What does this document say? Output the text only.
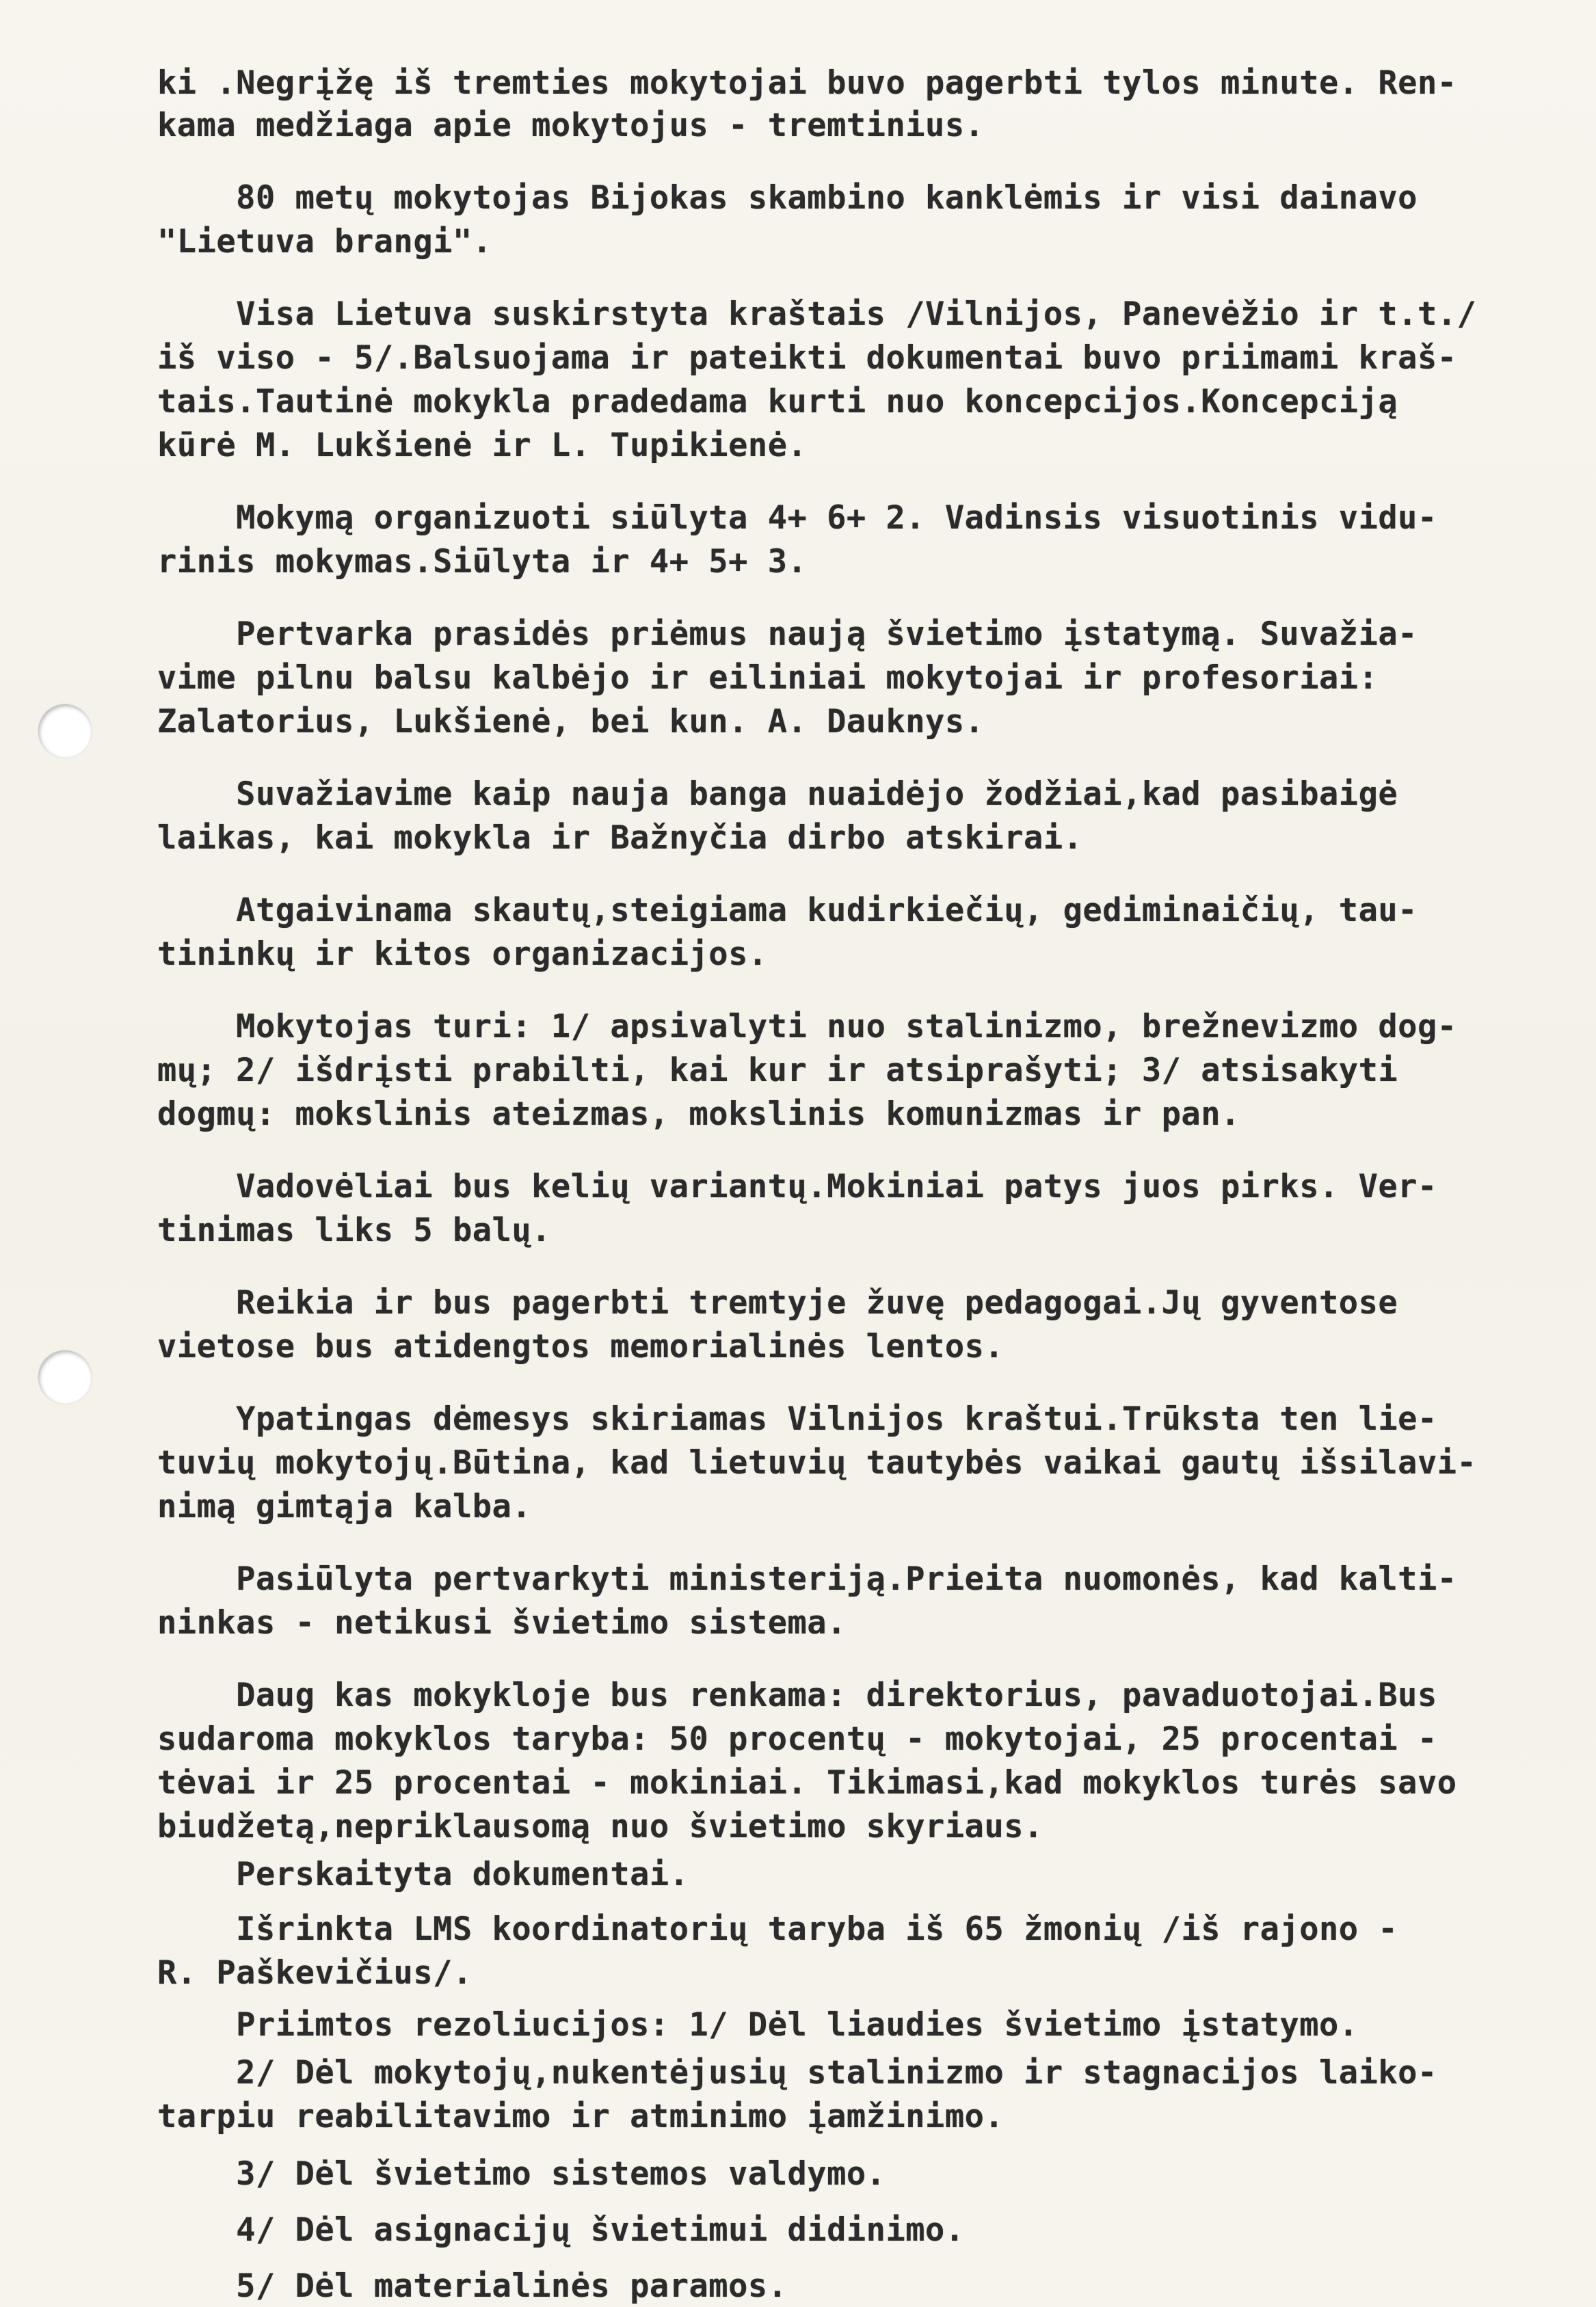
ki .Negrįžę iš tremties mokytojai buvo pagerbti tylos minute. Ren-
kama medžiaga apie mokytojus - tremtinius.
80 metų mokytojas Bijokas skambino kanklėmis ir visi dainavo
"Lietuva brangi".
Visa Lietuva suskirstyta kraštais /Vilnijos, Panevėžio ir t.t./
iš viso - 5/.Balsuojama ir pateikti dokumentai buvo priimami kraš-
tais.Tautinė mokykla pradedama kurti nuo koncepcijos.Koncepciją
kūrė M. Lukšienė ir L. Tupikienė.
Mokymą organizuoti siūlyta 4+ 6+ 2. Vadinsis visuotinis vidu-
rinis mokymas.Siūlyta ir 4+ 5+ 3.
Pertvarka prasidės priėmus naują švietimo įstatymą. Suvažia-
vime pilnu balsu kalbėjo ir eiliniai mokytojai ir profesoriai:
Zalatorius, Lukšienė, bei kun. A. Dauknys.
Suvažiavime kaip nauja banga nuaidėjo žodžiai,kad pasibaigė
laikas, kai mokykla ir Bažnyčia dirbo atskirai.
Atgaivinama skautų,steigiama kudirkiečių, gediminaičių, tau-
tininkų ir kitos organizacijos.
Mokytojas turi: 1/ apsivalyti nuo stalinizmo, brežnevizmo dog-
mų; 2/ išdrįsti prabilti, kai kur ir atsiprašyti; 3/ atsisakyti
dogmų: mokslinis ateizmas, mokslinis komunizmas ir pan.
Vadovėliai bus kelių variantų.Mokiniai patys juos pirks. Ver-
tinimas liks 5 balų.
Reikia ir bus pagerbti tremtyje žuvę pedagogai.Jų gyventose
vietose bus atidengtos memorialinės lentos.
Ypatingas dėmesys skiriamas Vilnijos kraštui.Trūksta ten lie-
tuvių mokytojų.Būtina, kad lietuvių tautybės vaikai gautų išsilavi-
nimą gimtąja kalba.
Pasiūlyta pertvarkyti ministeriją.Prieita nuomonės, kad kalti-
ninkas - netikusi švietimo sistema.
Daug kas mokykloje bus renkama: direktorius, pavaduotojai.Bus
sudaroma mokyklos taryba: 50 procentų - mokytojai, 25 procentai -
tėvai ir 25 procentai - mokiniai. Tikimasi,kad mokyklos turės savo
biudžetą,nepriklausomą nuo švietimo skyriaus.
Perskaityta dokumentai.
Išrinkta LMS koordinatorių taryba iš 65 žmonių /iš rajono -
R. Paškevičius/.
Priimtos rezoliucijos: 1/ Dėl liaudies švietimo įstatymo.
2/ Dėl mokytojų,nukentėjusių stalinizmo ir stagnacijos laiko-
tarpiu reabilitavimo ir atminimo įamžinimo.
3/ Dėl švietimo sistemos valdymo.
4/ Dėl asignacijų švietimui didinimo.
5/ Dėl materialinės paramos.
